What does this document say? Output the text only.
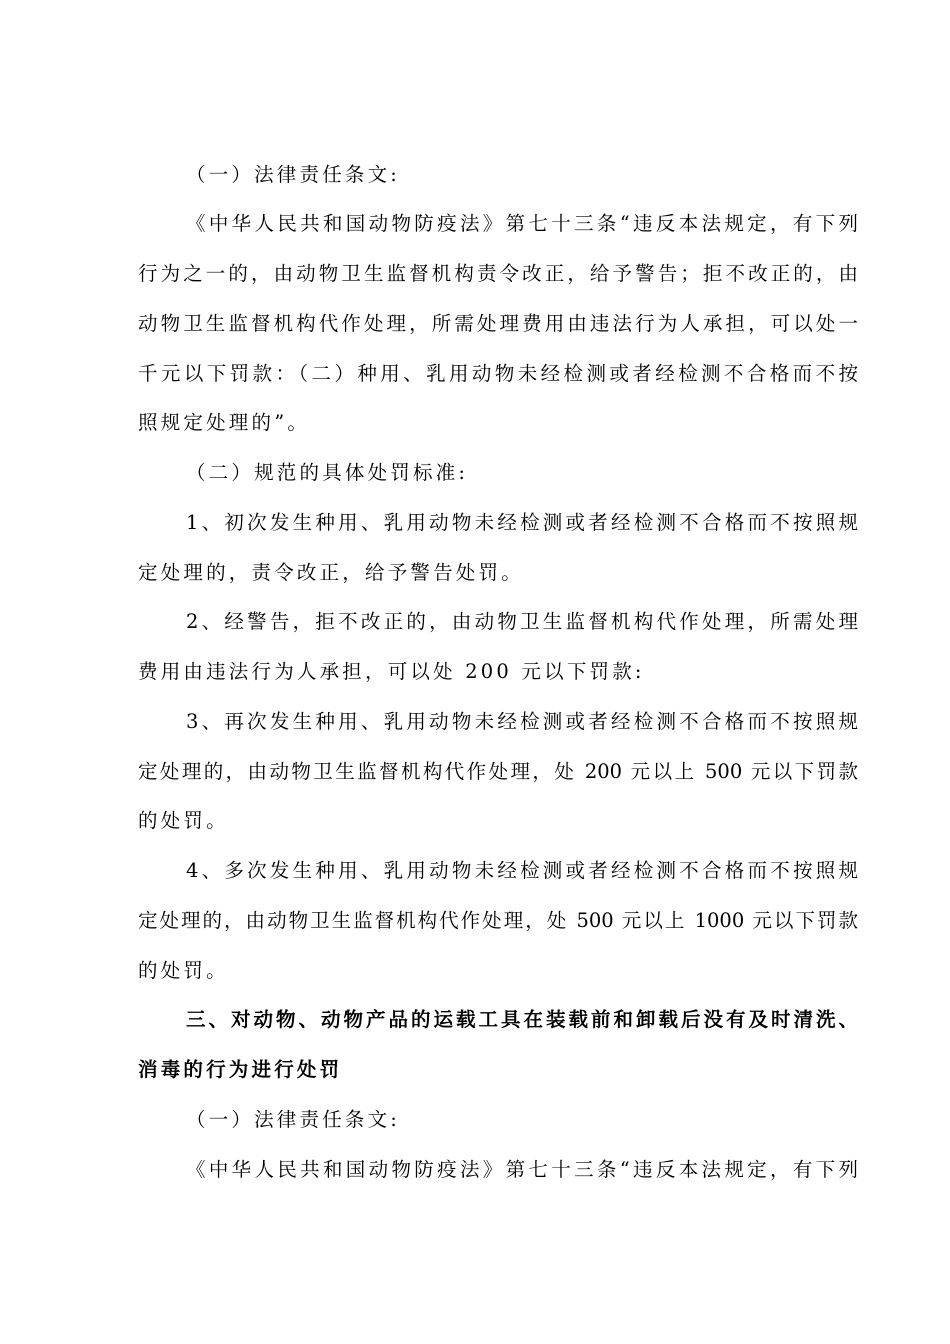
（一）法律责任条文:
《中华人民共和国动物防疫法》第七十三条“违反本法规定，有下列
行为之一的，由动物卫生监督机构责令改正，给予警告；拒不改正的，由
动物卫生监督机构代作处理，所需处理费用由违法行为人承担，可以处一
千元以下罚款：（二）种用、乳用动物未经检测或者经检测不合格而不按
照规定处理的”。
（二）规范的具体处罚标准:
1、初次发生种用、乳用动物未经检测或者经检测不合格而不按照规
定处理的，责令改正，给予警告处罚。
2、经警告，拒不改正的，由动物卫生监督机构代作处理，所需处理
费用由违法行为人承担，可以处 200 元以下罚款:
3、再次发生种用、乳用动物未经检测或者经检测不合格而不按照规
定处理的，由动物卫生监督机构代作处理，处 200 元以上 500 元以下罚款
的处罚。
4、多次发生种用、乳用动物未经检测或者经检测不合格而不按照规
定处理的，由动物卫生监督机构代作处理，处 500 元以上 1000 元以下罚款
的处罚。
三、对动物、动物产品的运载工具在装载前和卸载后没有及时清洗、
消毒的行为进行处罚
（一）法律责任条文:
《中华人民共和国动物防疫法》第七十三条“违反本法规定，有下列
